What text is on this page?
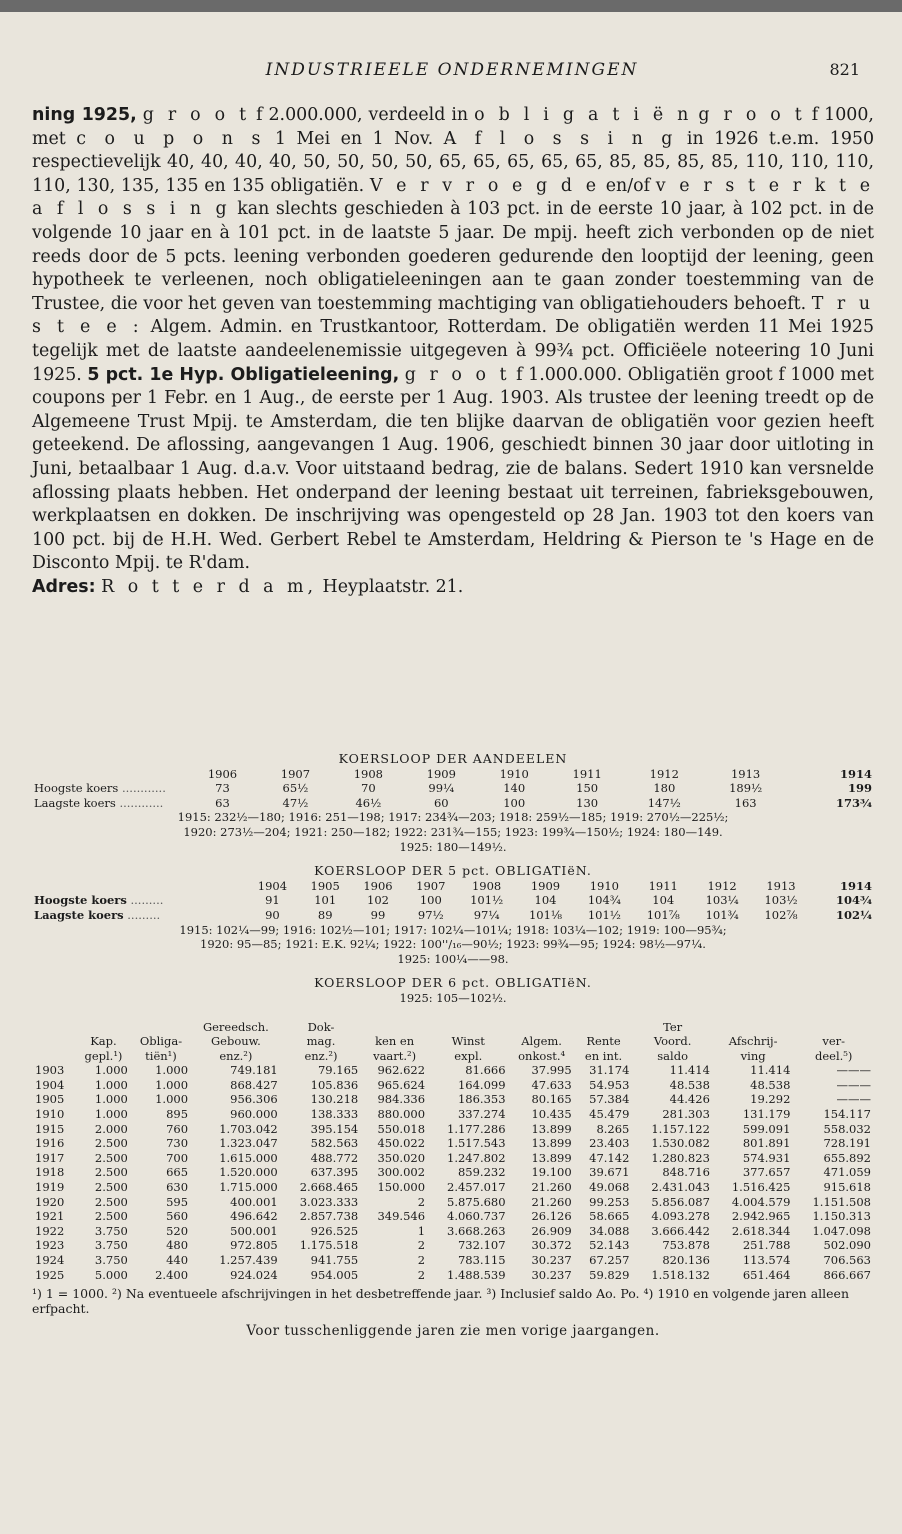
INDUSTRIEELE ONDERNEMINGEN	821

ning 1925, g r o o t f 2.000.000, verdeeld in o b l i g a t i ë n g r o o t f 1000, met c o u p o n s 1 Mei en 1 Nov. A f l o s s i n g in 1926 t.e.m. 1950 respectievelijk 40, 40, 40, 40, 50, 50, 50, 50, 65, 65, 65, 65, 65, 85, 85, 85, 85, 110, 110, 110, 110, 130, 135, 135 en 135 obligatiën. V e r v r o e g d e en/of v e r s t e r k t e a f l o s s i n g kan slechts geschieden à 103 pct. in de eerste 10 jaar, à 102 pct. in de volgende 10 jaar en à 101 pct. in de laatste 5 jaar. De mpij. heeft zich verbonden op de niet reeds door de 5 pcts. leening verbonden goederen gedurende den looptijd der leening, geen hypotheek te verleenen, noch obligatieleeningen aan te gaan zonder toestemming van de Trustee, die voor het geven van toestemming machtiging van obligatiehouders behoeft. T r u s t e e : Algem. Admin. en Trustkantoor, Rotterdam. De obligatiën werden 11 Mei 1925 tegelijk met de laatste aandeelenemissie uitgegeven à 99¾ pct. Officiëele noteering 10 Juni 1925. 5 pct. 1e Hyp. Obligatieleening, g r o o t f 1.000.000. Obligatiën groot f 1000 met coupons per 1 Febr. en 1 Aug., de eerste per 1 Aug. 1903. Als trustee der leening treedt op de Algemeene Trust Mpij. te Amsterdam, die ten blijke daarvan de obligatiën voor gezien heeft geteekend. De aflossing, aangevangen 1 Aug. 1906, geschiedt binnen 30 jaar door uitloting in Juni, betaalbaar 1 Aug. d.a.v. Voor uitstaand bedrag, zie de balans. Sedert 1910 kan versnelde aflossing plaats hebben. Het onderpand der leening bestaat uit terreinen, fabrieksgebouwen, werkplaatsen en dokken. De inschrijving was opengesteld op 28 Jan. 1903 tot den koers van 100 pct. bij de H.H. Wed. Gerbert Rebel te Amsterdam, Heldring & Pierson te 's Hage en de Disconto Mpij. te R'dam.

Adres: R o t t e r d a m, Heyplaatstr. 21.

KOERSLOOP DER AANDEELEN
	1906	1907	1908	1909	1910	1911	1912	1913	1914
Hoogste koers ............	73	65½	70	99¼	140	150	180	189½	199
Laagste koers ............	63	47½	46½	60	100	130	147½	163	173¾
1915: 232½—180; 1916: 251—198; 1917: 234¾—203; 1918: 259½—185; 1919: 270½—225½;
1920: 273½—204; 1921: 250—182; 1922: 231¾—155; 1923: 199¾—150½; 1924: 180—149.
1925: 180—149½.
KOERSLOOP DER 5 pct. OBLIGATIëN.
	1904	1905	1906	1907	1908	1909	1910	1911	1912	1913	1914
Hoogste koers .........	91	101	102	100	101½	104	104¾	104	103¼	103½	104¾
Laagste koers .........	90	89	99	97½	97¼	101⅛	101½	101⅞	101¾	102⅞	102¼
1915: 102¼—99; 1916: 102½—101; 1917: 102¼—101¼; 1918: 103¼—102; 1919: 100—95¾;
1920: 95—85; 1921: E.K. 92¼; 1922: 100''/₁₆—90½; 1923: 99¾—95; 1924: 98½—97¼.
1925: 100¼——98.
KOERSLOOP DER 6 pct. OBLIGATIëN.
1925: 105—102½.
			Gereedsch.	Dok-					Ter		
	Kap.	Obliga-	Gebouw.	mag.	ken en	Winst	Algem.	Rente	Voord.	Afschrij-	ver-
	gepl.¹)	tiën¹)	enz.²)	enz.²)	vaart.²)	expl.	onkost.⁴	en int.	saldo	ving	deel.⁵)
1903	1.000	1.000	749.181	79.165	962.622	81.666	37.995	31.174	11.414	11.414	———
1904	1.000	1.000	868.427	105.836	965.624	164.099	47.633	54.953	48.538	48.538	———
1905	1.000	1.000	956.306	130.218	984.336	186.353	80.165	57.384	44.426	19.292	———
1910	1.000	895	960.000	138.333	880.000	337.274	10.435	45.479	281.303	131.179	154.117
1915	2.000	760	1.703.042	395.154	550.018	1.177.286	13.899	8.265	1.157.122	599.091	558.032
1916	2.500	730	1.323.047	582.563	450.022	1.517.543	13.899	23.403	1.530.082	801.891	728.191
1917	2.500	700	1.615.000	488.772	350.020	1.247.802	13.899	47.142	1.280.823	574.931	655.892
1918	2.500	665	1.520.000	637.395	300.002	859.232	19.100	39.671	848.716	377.657	471.059
1919	2.500	630	1.715.000	2.668.465	150.000	2.457.017	21.260	49.068	2.431.043	1.516.425	915.618
1920	2.500	595	400.001	3.023.333	2	5.875.680	21.260	99.253	5.856.087	4.004.579	1.151.508
1921	2.500	560	496.642	2.857.738	349.546	4.060.737	26.126	58.665	4.093.278	2.942.965	1.150.313
1922	3.750	520	500.001	926.525	1	3.668.263	26.909	34.088	3.666.442	2.618.344	1.047.098
1923	3.750	480	972.805	1.175.518	2	732.107	30.372	52.143	753.878	251.788	502.090
1924	3.750	440	1.257.439	941.755	2	783.115	30.237	67.257	820.136	113.574	706.563
1925	5.000	2.400	924.024	954.005	2	1.488.539	30.237	59.829	1.518.132	651.464	866.667
¹) 1 = 1000. ²) Na eventueele afschrijvingen in het desbetreffende jaar. ³) Inclusief saldo Ao. Po. ⁴) 1910 en volgende jaren alleen erfpacht.
Voor tusschenliggende jaren zie men vorige jaargangen.
